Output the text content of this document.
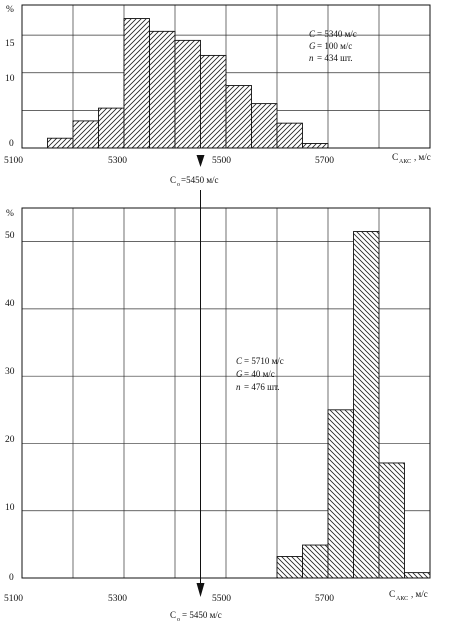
%
15
10
0
5100	5300	5500	5700	C АКС , м/с
C = 5340 м/с
G = 100 м/с
n = 434 шт.
C о =5450 м/с
%
50
40
30
20
10
0
5100	5300	5500	5700	C АКС , м/с
C = 5710 м/с
G = 40 м/с
n = 476 шт.
C о = 5450 м/с
